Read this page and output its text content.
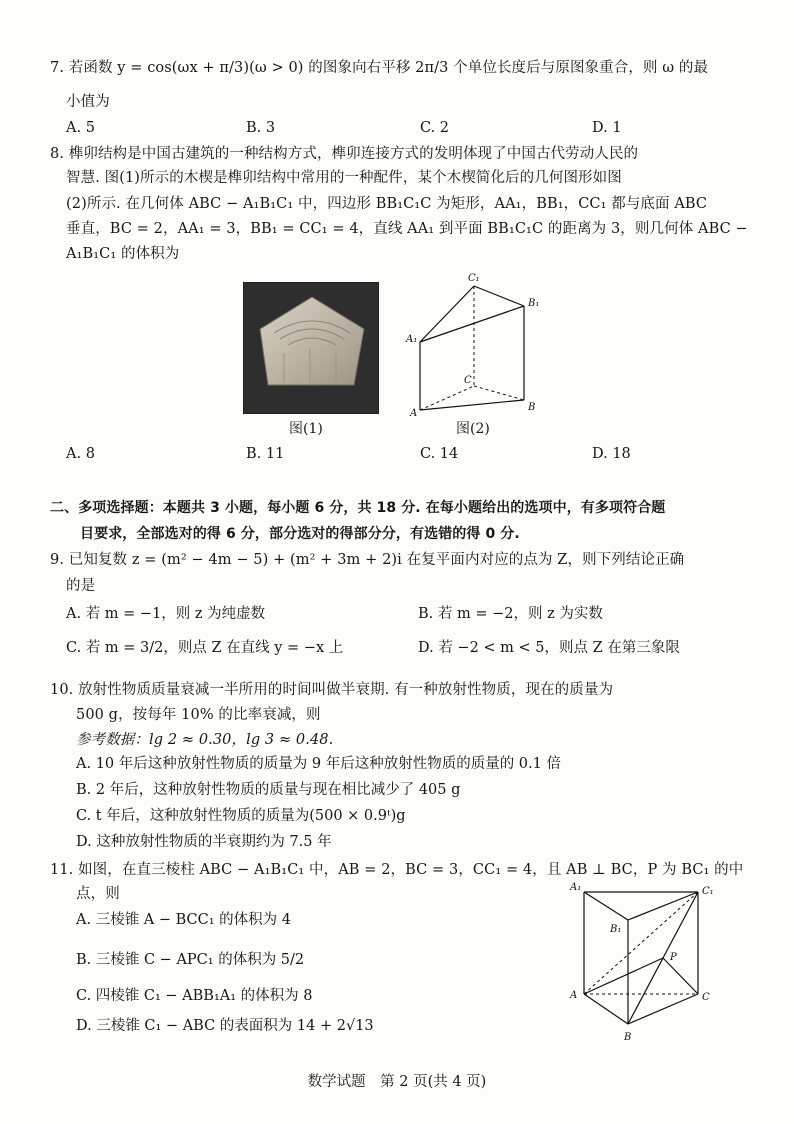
7. 若函数 y = cos(ωx + π/3)(ω > 0) 的图象向右平移 2π/3 个单位长度后与原图象重合，则 ω 的最
小值为
A. 5	B. 3	C. 2	D. 1
8. 榫卯结构是中国古建筑的一种结构方式，榫卯连接方式的发明体现了中国古代劳动人民的
智慧. 图(1)所示的木楔是榫卯结构中常用的一种配件，某个木楔简化后的几何图形如图
(2)所示. 在几何体 ABC − A₁B₁C₁ 中，四边形 BB₁C₁C 为矩形，AA₁，BB₁，CC₁ 都与底面 ABC
垂直，BC = 2，AA₁ = 3，BB₁ = CC₁ = 4，直线 AA₁ 到平面 BB₁C₁C 的距离为 3，则几何体 ABC −
A₁B₁C₁ 的体积为
图(1)
C₁
B₁
A₁
C
A
B
图(2)
A. 8	B. 11	C. 14	D. 18
二、多项选择题：本题共 3 小题，每小题 6 分，共 18 分. 在每小题给出的选项中，有多项符合题
目要求，全部选对的得 6 分，部分选对的得部分分，有选错的得 0 分.
9. 已知复数 z = (m² − 4m − 5) + (m² + 3m + 2)i 在复平面内对应的点为 Z，则下列结论正确
的是
A. 若 m = −1，则 z 为纯虚数	B. 若 m = −2，则 z 为实数
C. 若 m = 3/2，则点 Z 在直线 y = −x 上	D. 若 −2 < m < 5，则点 Z 在第三象限
10. 放射性物质质量衰减一半所用的时间叫做半衰期. 有一种放射性物质，现在的质量为
500 g，按每年 10% 的比率衰减，则
参考数据：lg 2 ≈ 0.30，lg 3 ≈ 0.48.
A. 10 年后这种放射性物质的质量为 9 年后这种放射性物质的质量的 0.1 倍
B. 2 年后，这种放射性物质的质量与现在相比减少了 405 g
C. t 年后，这种放射性物质的质量为(500 × 0.9ᵗ)g
D. 这种放射性物质的半衰期约为 7.5 年
11. 如图，在直三棱柱 ABC − A₁B₁C₁ 中，AB = 2，BC = 3，CC₁ = 4，且 AB ⊥ BC，P 为 BC₁ 的中
点，则
A. 三棱锥 A − BCC₁ 的体积为 4
B. 三棱锥 C − APC₁ 的体积为 5/2
C. 四棱锥 C₁ − ABB₁A₁ 的体积为 8
D. 三棱锥 C₁ − ABC 的表面积为 14 + 2√13
A₁	C₁
B₁
P
A	C
B
数学试题　第 2 页(共 4 页)
